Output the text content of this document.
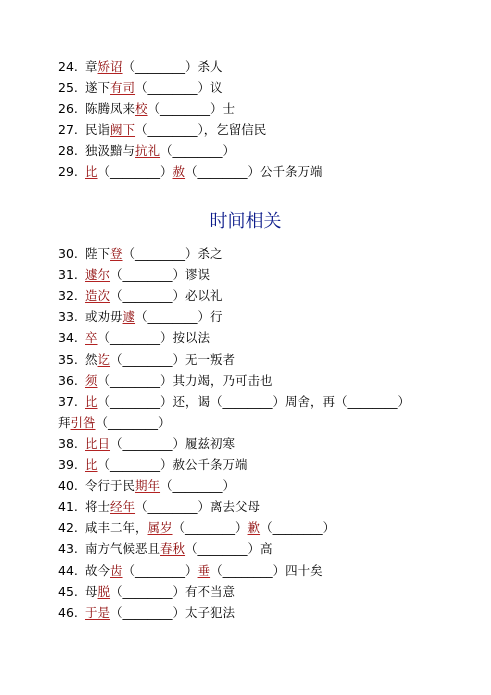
24. 章矫诏（________）杀人
25. 遂下有司（________）议
26. 陈腾凤来校（________）士
27. 民诣阙下（________），乞留信民
28. 独汲黯与抗礼（________）
29. 比（________）赦（________）公千条万端
时间相关
30. 陛下登（________）杀之
31. 遽尔（________）谬误
32. 造次（________）必以礼
33. 或劝毋遽（________）行
34. 卒（________）按以法
35. 然讫（________）无一叛者
36. 须（________）其力竭，乃可击也
37. 比（________）还，谒（________）周舍，再（________）
拜引咎（________）
38. 比日（________）履兹初寒
39. 比（________）赦公千条万端
40. 令行于民期年（________）
41. 将士经年（________）离去父母
42. 咸丰二年，属岁（________）歉（________）
43. 南方气候恶且春秋（________）高
44. 故今齿（________）垂（________）四十矣
45. 母脱（________）有不当意
46. 于是（________）太子犯法
